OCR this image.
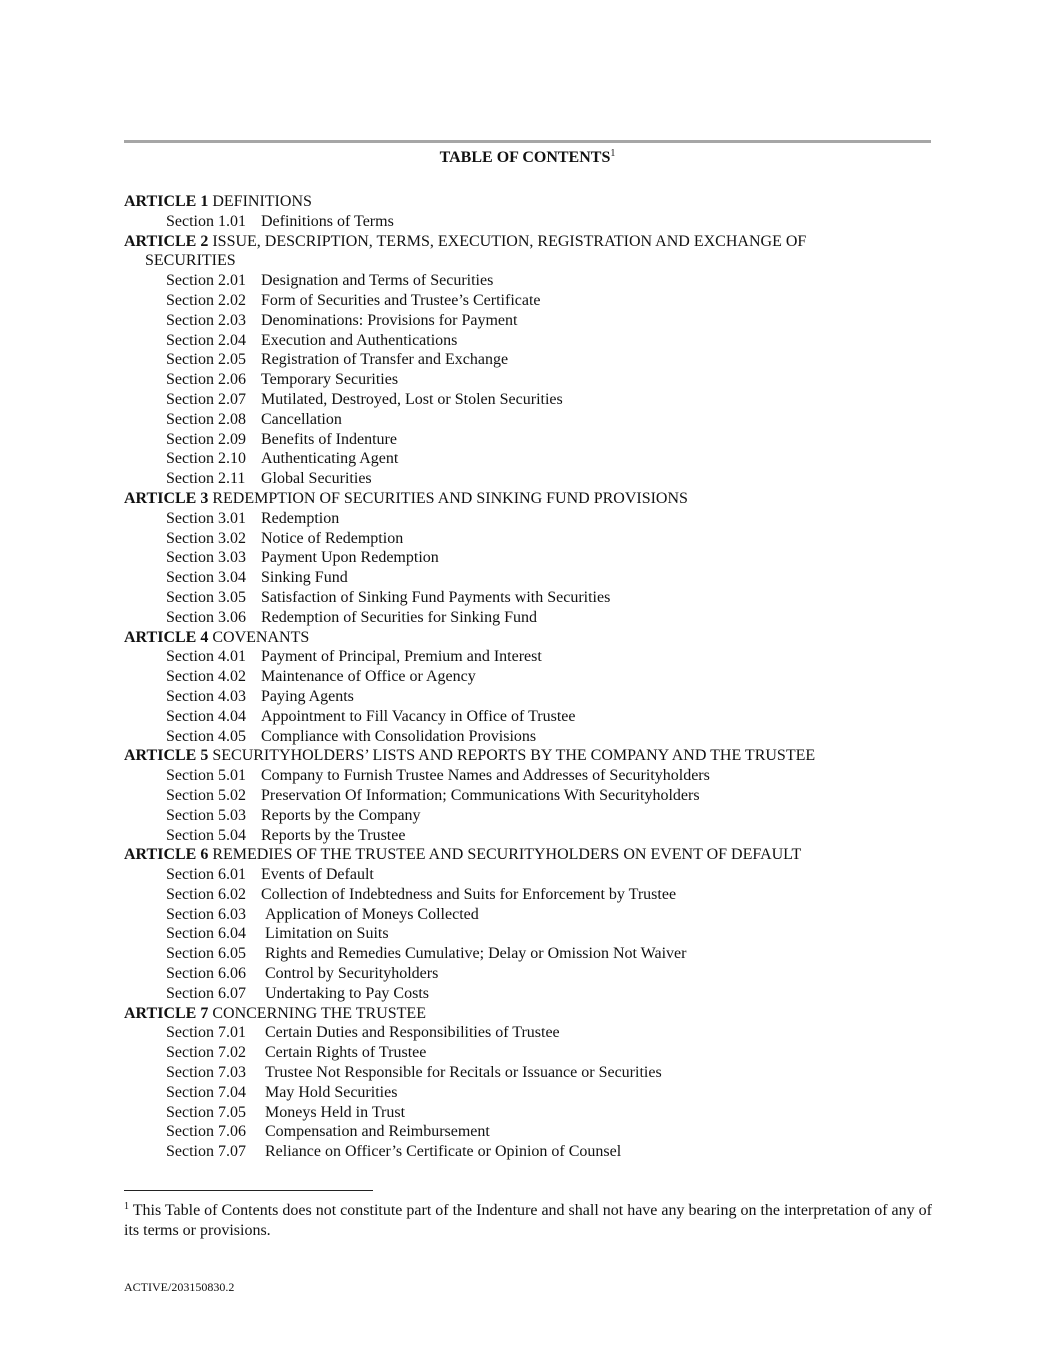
TABLE OF CONTENTS$^1$
ARTICLE 1 DEFINITIONS
Section 1.01 Definitions of Terms
ARTICLE 2 ISSUE, DESCRIPTION, TERMS, EXECUTION, REGISTRATION AND EXCHANGE OF
SECURITIES
Section 2.01 Designation and Terms of Securities
Section 2.02 Form of Securities and Trustee’s Certificate
Section 2.03 Denominations: Provisions for Payment
Section 2.04 Execution and Authentications
Section 2.05 Registration of Transfer and Exchange
Section 2.06 Temporary Securities
Section 2.07 Mutilated, Destroyed, Lost or Stolen Securities
Section 2.08 Cancellation
Section 2.09 Benefits of Indenture
Section 2.10 Authenticating Agent
Section 2.11 Global Securities
ARTICLE 3 REDEMPTION OF SECURITIES AND SINKING FUND PROVISIONS
Section 3.01 Redemption
Section 3.02 Notice of Redemption
Section 3.03 Payment Upon Redemption
Section 3.04 Sinking Fund
Section 3.05 Satisfaction of Sinking Fund Payments with Securities
Section 3.06 Redemption of Securities for Sinking Fund
ARTICLE 4 COVENANTS
Section 4.01 Payment of Principal, Premium and Interest
Section 4.02 Maintenance of Office or Agency
Section 4.03 Paying Agents
Section 4.04 Appointment to Fill Vacancy in Office of Trustee
Section 4.05 Compliance with Consolidation Provisions
ARTICLE 5 SECURITYHOLDERS’ LISTS AND REPORTS BY THE COMPANY AND THE TRUSTEE
Section 5.01 Company to Furnish Trustee Names and Addresses of Securityholders
Section 5.02 Preservation Of Information; Communications With Securityholders
Section 5.03 Reports by the Company
Section 5.04 Reports by the Trustee
ARTICLE 6 REMEDIES OF THE TRUSTEE AND SECURITYHOLDERS ON EVENT OF DEFAULT
Section 6.01 Events of Default
Section 6.02 Collection of Indebtedness and Suits for Enforcement by Trustee
Section 6.03 Application of Moneys Collected
Section 6.04 Limitation on Suits
Section 6.05 Rights and Remedies Cumulative; Delay or Omission Not Waiver
Section 6.06 Control by Securityholders
Section 6.07 Undertaking to Pay Costs
ARTICLE 7 CONCERNING THE TRUSTEE
Section 7.01 Certain Duties and Responsibilities of Trustee
Section 7.02 Certain Rights of Trustee
Section 7.03 Trustee Not Responsible for Recitals or Issuance or Securities
Section 7.04 May Hold Securities
Section 7.05 Moneys Held in Trust
Section 7.06 Compensation and Reimbursement
Section 7.07 Reliance on Officer’s Certificate or Opinion of Counsel
$^1$ This Table of Contents does not constitute part of the Indenture and shall not have any bearing on the interpretation of any of its terms or provisions.
ACTIVE/203150830.2
